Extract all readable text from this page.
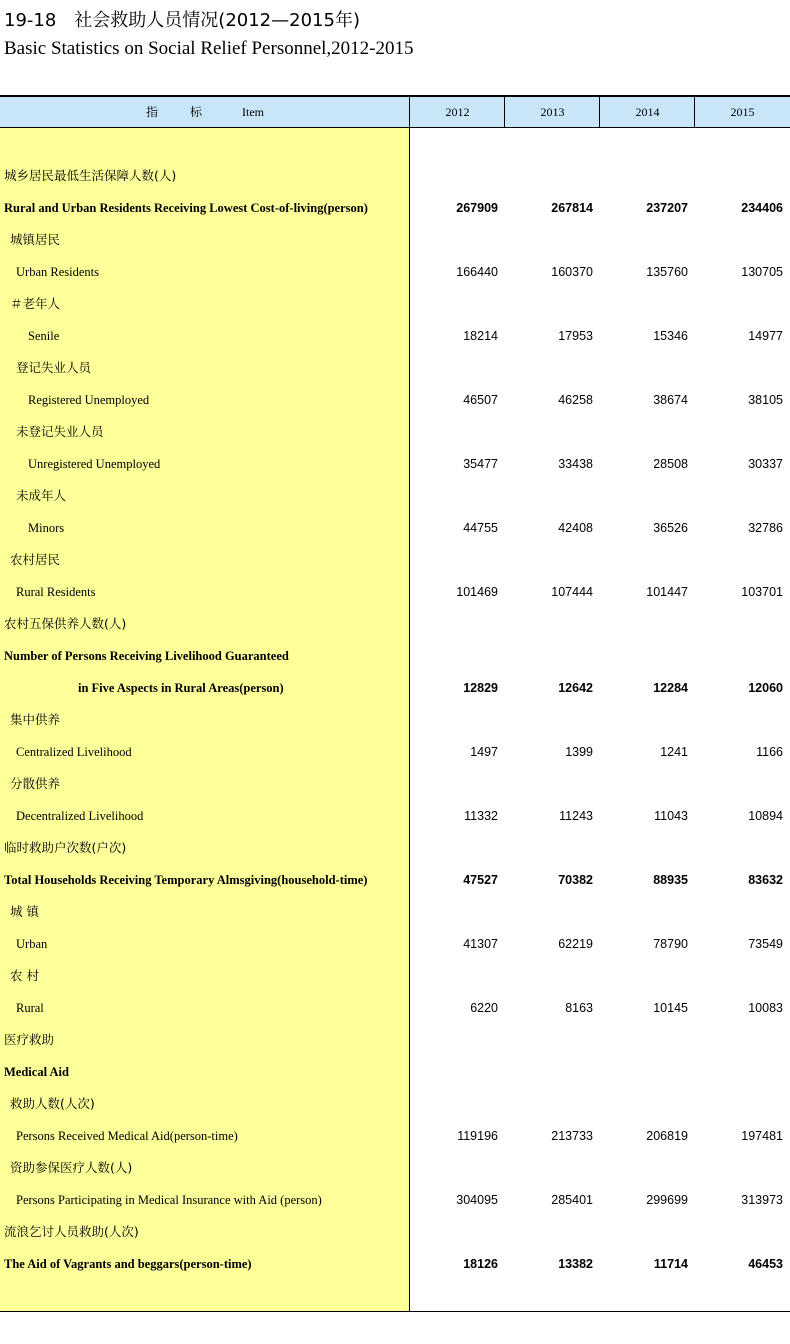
19-18　社会救助人员情况(2012—2015年)
Basic Statistics on Social Relief Personnel,2012-2015
指　标	Item	2012	2013	2014	2015
城乡居民最低生活保障人数(人)
Rural and Urban Residents Receiving Lowest Cost-of-living(person)	267909	267814	237207	234406
城镇居民
Urban Residents	166440	160370	135760	130705
＃老年人
Senile	18214	17953	15346	14977
登记失业人员
Registered Unemployed	46507	46258	38674	38105
未登记失业人员
Unregistered Unemployed	35477	33438	28508	30337
未成年人
Minors	44755	42408	36526	32786
农村居民
Rural Residents	101469	107444	101447	103701
农村五保供养人数(人)
Number of Persons Receiving Livelihood Guaranteed
in Five Aspects in Rural Areas(person)	12829	12642	12284	12060
集中供养
Centralized Livelihood	1497	1399	1241	1166
分散供养
Decentralized Livelihood	11332	11243	11043	10894
临时救助户次数(户次)
Total Households Receiving Temporary Almsgiving(household-time)	47527	70382	88935	83632
城 镇
Urban	41307	62219	78790	73549
农 村
Rural	6220	8163	10145	10083
医疗救助
Medical Aid
救助人数(人次)
Persons Received Medical Aid(person-time)	119196	213733	206819	197481
资助参保医疗人数(人)
Persons Participating in Medical Insurance with Aid (person)	304095	285401	299699	313973
流浪乞讨人员救助(人次)
The Aid of Vagrants and beggars(person-time)	18126	13382	11714	46453
